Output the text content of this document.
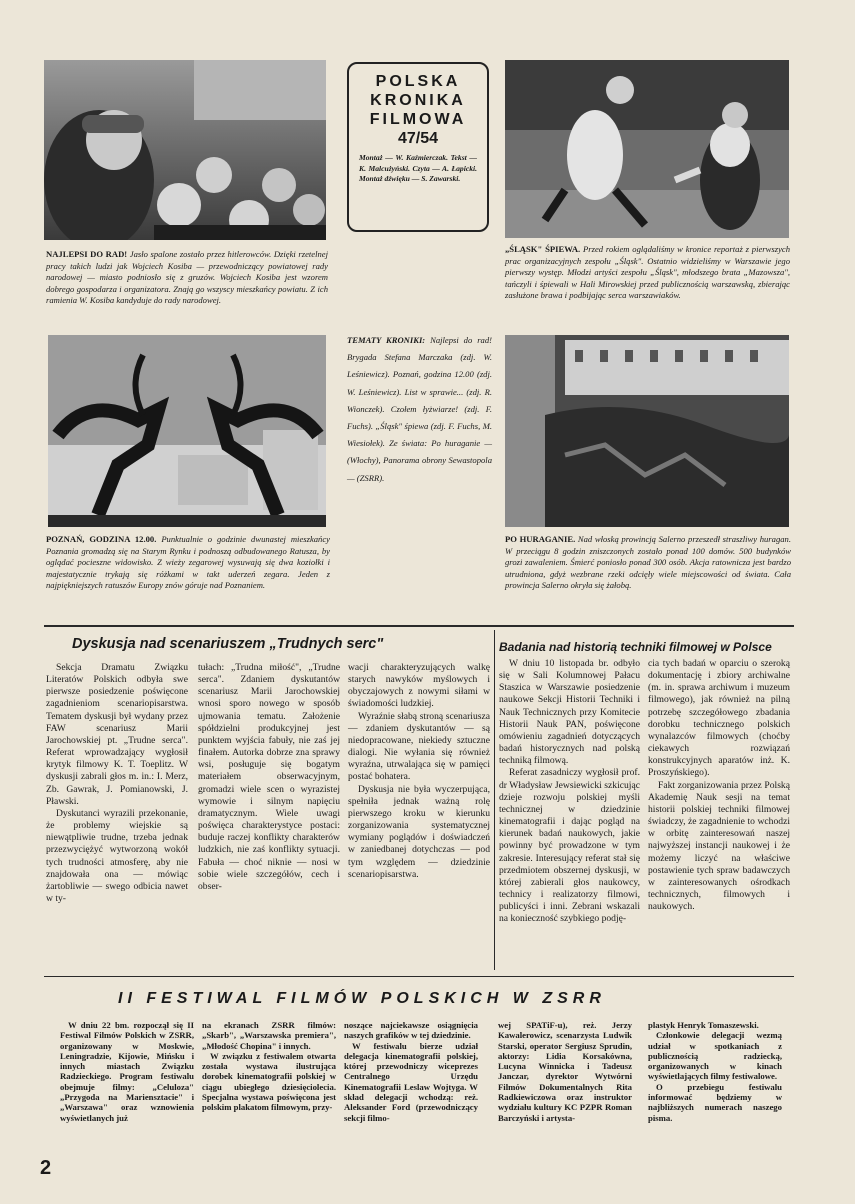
POLSKA
KRONIKA
FILMOWA
47/54
Montaż — W. Kaźmierczak. Tekst — K. Malcużyński. Czyta — A. Łapicki. Montaż dźwięku — S. Zawarski.

NAJLEPSI DO RAD! Jasło spalone zostało przez hitlerowców. Dzięki rzetelnej pracy takich ludzi jak Wojciech Kosiba — przewodniczący powiatowej rady narodowej — miasto podniosło się z gruzów. Wojciech Kosiba jest wzorem dobrego gospodarza i organizatora. Znają go wszyscy mieszkańcy powiatu. Z ich ramienia W. Kosiba kandyduje do rady narodowej.

„ŚLĄSK" ŚPIEWA. Przed rokiem oglądaliśmy w kronice reportaż z pierwszych prac organizacyjnych zespołu „Śląsk". Ostatnio widzieliśmy w Warszawie jego pierwszy występ. Młodzi artyści zespołu „Śląsk", młodszego brata „Mazowsza", tańczyli i śpiewali w Hali Mirowskiej przed publicznością warszawską, zbierając zasłużone brawa i podbijając serca warszawiaków.

POZNAŃ, GODZINA 12.00. Punktualnie o godzinie dwunastej mieszkańcy Poznania gromadzą się na Starym Rynku i podnoszą odbudowanego Ratusza, by oglądać pocieszne widowisko. Z wieży zegarowej wysuwają się dwa koziołki i majestatycznie trykają się różkami w takt uderzeń zegara. Jeden z najpiękniejszych ratuszów Europy znów góruje nad Poznaniem.

PO HURAGANIE. Nad włoską prowincją Salerno przeszedł straszliwy huragan. W przeciągu 8 godzin zniszczonych zostało ponad 100 domów. 500 budynków grozi zawaleniem. Śmierć poniosło ponad 300 osób. Akcja ratownicza jest bardzo utrudniona, gdyż wezbrane rzeki odcięły wiele miejscowości od świata. Cała prowincja Salerno okryła się żałobą.

TEMATY KRONIKI: Najlepsi do rad! Brygada Stefana Marczaka (zdj. W. Leśniewicz). Poznań, godzina 12.00 (zdj. W. Leśniewicz). List w sprawie... (zdj. R. Wionczek). Czołem łyżwiarze! (zdj. F. Fuchs). „Śląsk" śpiewa (zdj. F. Fuchs, M. Wiesiołek). Ze świata: Po huraganie — (Włochy), Panorama obrony Sewastopola — (ZSRR).

Dyskusja nad scenariuszem „Trudnych serc"

Sekcja Dramatu Związku Literatów Polskich odbyła swe pierwsze posiedzenie poświęcone zagadnieniom scenariopisarstwa. Tematem dyskusji był wydany przez FAW scenariusz Marii Jarochowskiej pt. „Trudne serca". Referat wprowadzający wygłosił krytyk filmowy K. T. Toeplitz. W dyskusji zabrali głos m. in.: I. Merz, Zb. Gawrak, J. Pomianowski, J. Pławski.

Dyskutanci wyrazili przekonanie, że problemy wiejskie są niewątpliwie trudne, trzeba jednak przezwyciężyć wytworzoną wokół tych trudności atmosferę, aby nie znajdowała ona — mówiąc żartobliwie — swego odbicia nawet w ty-

tułach: „Trudna miłość", „Trudne serca". Zdaniem dyskutantów scenariusz Marii Jarochowskiej wnosi sporo nowego w sposób ujmowania tematu. Założenie spółdzielni produkcyjnej jest punktem wyjścia fabuły, nie zaś jej finałem. Autorka dobrze zna sprawy wsi, posługuje się bogatym materiałem obserwacyjnym, gromadzi wiele scen o wyrazistej wymowie i silnym napięciu dramatycznym. Wiele uwagi poświęca charakterystyce postaci: buduje raczej konflikty charakterów ludzkich, nie zaś konflikty sytuacji. Fabuła — choć niknie — nosi w sobie wiele szczegółów, cech i obser-

wacji charakteryzujących walkę starych nawyków myślowych i obyczajowych z nowymi siłami w świadomości ludzkiej.

Wyraźnie słabą stroną scenariusza — zdaniem dyskutantów — są niedopracowane, niekiedy sztuczne dialogi. Nie wyłania się również wyraźna, utrwalająca się w pamięci postać bohatera.

Dyskusja nie była wyczerpująca, spełniła jednak ważną rolę pierwszego kroku w kierunku zorganizowania systematycznej wymiany poglądów i doświadczeń w zaniedbanej dotychczas — pod tym względem — dziedzinie scenariopisarstwa.

Badania nad historią techniki filmowej w Polsce

W dniu 10 listopada br. odbyło się w Sali Kolumnowej Pałacu Staszica w Warszawie posiedzenie naukowe Sekcji Historii Techniki i Nauk Technicznych przy Komitecie Historii Nauk PAN, poświęcone omówieniu zagadnień dotyczących badań historycznych nad polską techniką filmową.

Referat zasadniczy wygłosił prof. dr Władysław Jewsiewicki szkicując dzieje rozwoju polskiej myśli technicznej w dziedzinie kinematografii i dając pogląd na kierunek badań naukowych, jakie powinny być prowadzone w tym zakresie. Interesujący referat stał się przedmiotem obszernej dyskusji, w której zabierali głos naukowcy, technicy i realizatorzy filmowi, publicyści i inni. Zebrani wskazali na konieczność szybkiego podję-

cia tych badań w oparciu o szeroką dokumentację i zbiory archiwalne (m. in. sprawa archiwum i muzeum filmowego), jak również na pilną potrzebę szczegółowego zbadania dorobku technicznego polskich wynalazców filmowych (choćby ciekawych rozwiązań konstrukcyjnych aparatów inż. K. Proszyńskiego).

Fakt zorganizowania przez Polską Akademię Nauk sesji na temat historii polskiej techniki filmowej świadczy, że zagadnienie to wchodzi w orbitę zainteresowań naszej najwyższej instancji naukowej i że możemy liczyć na właściwe postawienie tych spraw badawczych w zainteresowanych ośrodkach technicznych, filmowych i naukowych.

II FESTIWAL FILMÓW POLSKICH W ZSRR

W dniu 22 bm. rozpoczął się II Festiwal Filmów Polskich w ZSRR, organizowany w Moskwie, Leningradzie, Kijowie, Mińsku i innych miastach Związku Radzieckiego. Program festiwalu obejmuje filmy: „Celuloza" „Przygoda na Mariensztacie" i „Warszawa" oraz wznowienia wyświetlanych już

na ekranach ZSRR filmów: „Skarb", „Warszawska premiera", „Młodość Chopina" i innych.

W związku z festiwalem otwarta została wystawa ilustrująca dorobek kinematografii polskiej w ciągu ubiegłego dziesięciolecia. Specjalna wystawa poświęcona jest polskim plakatom filmowym, przy-

noszące najciekawsze osiągnięcia naszych grafików w tej dziedzinie.

W festiwalu bierze udział delegacja kinematografii polskiej, której przewodniczy wiceprezes Centralnego Urzędu Kinematografii Leslaw Wojtyga. W skład delegacji wchodzą: reż. Aleksander Ford (przewodniczący sekcji filmo-

wej SPATiF-u), reż. Jerzy Kawalerowicz, scenarzysta Ludwik Starski, operator Sergiusz Sprudin, aktorzy: Lidia Korsakówna, Lucyna Winnicka i Tadeusz Janczar, dyrektor Wytwórni Filmów Dokumentalnych Rita Radkiewiczowa oraz instruktor wydziału kultury KC PZPR Roman Barczyński i artysta-

plastyk Henryk Tomaszewski.

Członkowie delegacji wezmą udział w spotkaniach z publicznością radziecką, organizowanych w kinach wyświetlających filmy festiwalowe.

O przebiegu festiwalu informować będziemy w najbliższych numerach naszego pisma.

2
